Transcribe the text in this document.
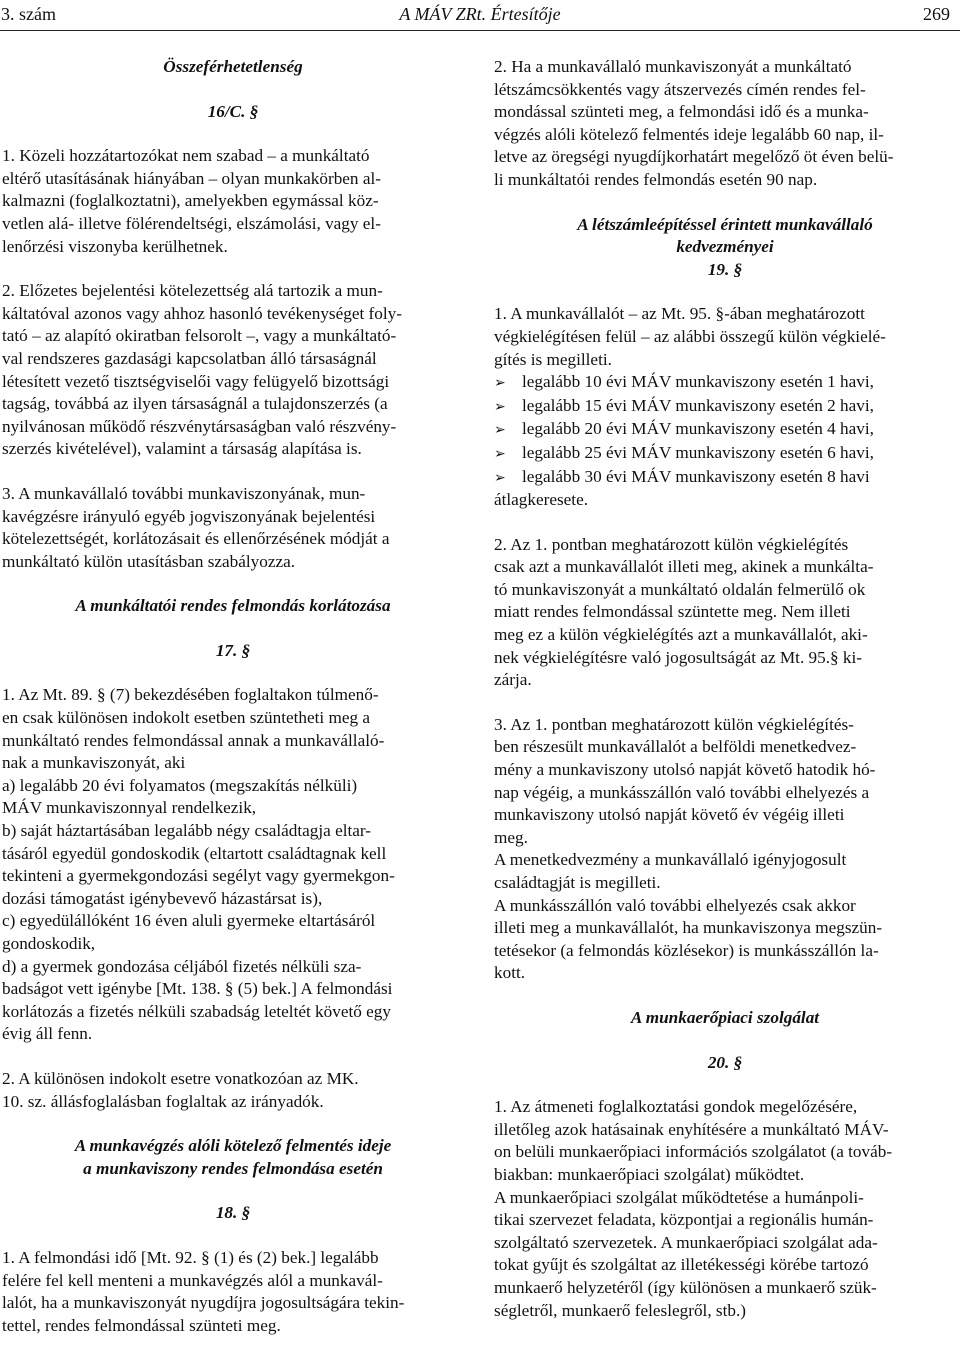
3. szám	A MÁV ZRt. Értesítője	269

Összeférhetetlenség

16/C. §

1. Közeli hozzátartozókat nem szabad – a munkáltató
eltérő utasításának hiányában – olyan munkakörben al-
kalmazni (foglalkoztatni), amelyekben egymással köz-
vetlen alá- illetve fölérendeltségi, elszámolási, vagy el-
lenőrzési viszonyba kerülhetnek.

2. Előzetes bejelentési kötelezettség alá tartozik a mun-
káltatóval azonos vagy ahhoz hasonló tevékenységet foly-
tató – az alapító okiratban felsorolt –, vagy a munkáltató-
val rendszeres gazdasági kapcsolatban álló társaságnál
létesített vezető tisztségviselői vagy felügyelő bizottsági
tagság, továbbá az ilyen társaságnál a tulajdonszerzés (a
nyilvánosan működő részvénytársaságban való részvény-
szerzés kivételével), valamint a társaság alapítása is.

3. A munkavállaló további munkaviszonyának, mun-
kavégzésre irányuló egyéb jogviszonyának bejelentési
kötelezettségét, korlátozásait és ellenőrzésének módját a
munkáltató külön utasításban szabályozza.

A munkáltatói rendes felmondás korlátozása

17. §

1. Az Mt. 89. § (7) bekezdésében foglaltakon túlmenő-
en csak különösen indokolt esetben szüntetheti meg a
munkáltató rendes felmondással annak a munkavállaló-
nak a munkaviszonyát, aki

a) legalább 20 évi folyamatos (megszakítás nélküli)
MÁV munkaviszonnyal rendelkezik,

b) saját háztartásában legalább négy családtagja eltar-
tásáról egyedül gondoskodik (eltartott családtagnak kell
tekinteni a gyermekgondozási segélyt vagy gyermekgon-
dozási támogatást igénybevevő házastársat is),

c) egyedülállóként 16 éven aluli gyermeke eltartásáról
gondoskodik,

d) a gyermek gondozása céljából fizetés nélküli sza-
badságot vett igénybe [Mt. 138. § (5) bek.] A felmondási
korlátozás a fizetés nélküli szabadság leteltét követő egy
évig áll fenn.

2. A különösen indokolt esetre vonatkozóan az MK.
10. sz. állásfoglalásban foglaltak az irányadók.

A munkavégzés alóli kötelező felmentés ideje
a munkaviszony rendes felmondása esetén

18. §

1. A felmondási idő [Mt. 92. § (1) és (2) bek.] legalább
felére fel kell menteni a munkavégzés alól a munkavál-
lalót, ha a munkaviszonyát nyugdíjra jogosultságára tekin-
tettel, rendes felmondással szünteti meg.

2. Ha a munkavállaló munkaviszonyát a munkáltató
létszámcsökkentés vagy átszervezés címén rendes fel-
mondással szünteti meg, a felmondási idő és a munka-
végzés alóli kötelező felmentés ideje legalább 60 nap, il-
letve az öregségi nyugdíjkorhatárt megelőző öt éven belü-
li munkáltatói rendes felmondás esetén 90 nap.

A létszámleépítéssel érintett munkavállaló
kedvezményei

19. §

1. A munkavállalót – az Mt. 95. §-ában meghatározott
végkielégítésen felül – az alábbi összegű külön végkielé-
gítés is megilleti.

➢ legalább 10 évi MÁV munkaviszony esetén 1 havi,
➢ legalább 15 évi MÁV munkaviszony esetén 2 havi,
➢ legalább 20 évi MÁV munkaviszony esetén 4 havi,
➢ legalább 25 évi MÁV munkaviszony esetén 6 havi,
➢ legalább 30 évi MÁV munkaviszony esetén 8 havi

átlagkeresete.

2. Az 1. pontban meghatározott külön végkielégítés
csak azt a munkavállalót illeti meg, akinek a munkálta-
tó munkaviszonyát a munkáltató oldalán felmerülő ok
miatt rendes felmondással szüntette meg. Nem illeti
meg ez a külön végkielégítés azt a munkavállalót, aki-
nek végkielégítésre való jogosultságát az Mt. 95.§ ki-
zárja.

3. Az 1. pontban meghatározott külön végkielégítés-
ben részesült munkavállalót a belföldi menetkedvez-
mény a munkaviszony utolsó napját követő hatodik hó-
nap végéig, a munkásszállón való további elhelyezés a
munkaviszony utolsó napját követő év végéig illeti
meg.

A menetkedvezmény a munkavállaló igényjogosult
családtagját is megilleti.

A munkásszállón való további elhelyezés csak akkor
illeti meg a munkavállalót, ha munkaviszonya megszün-
tetésekor (a felmondás közlésekor) is munkásszállón la-
kott.

A munkaerőpiaci szolgálat

20. §

1. Az átmeneti foglalkoztatási gondok megelőzésére,
illetőleg azok hatásainak enyhítésére a munkáltató MÁV-
on belüli munkaerőpiaci információs szolgálatot (a továb-
biakban: munkaerőpiaci szolgálat) működtet.

A munkaerőpiaci szolgálat működtetése a humánpoli-
tikai szervezet feladata, központjai a regionális humán-
szolgáltató szervezetek. A munkaerőpiaci szolgálat ada-
tokat gyűjt és szolgáltat az illetékességi körébe tartozó
munkaerő helyzetéről (így különösen a munkaerő szük-
ségletről, munkaerő feleslegről, stb.)
